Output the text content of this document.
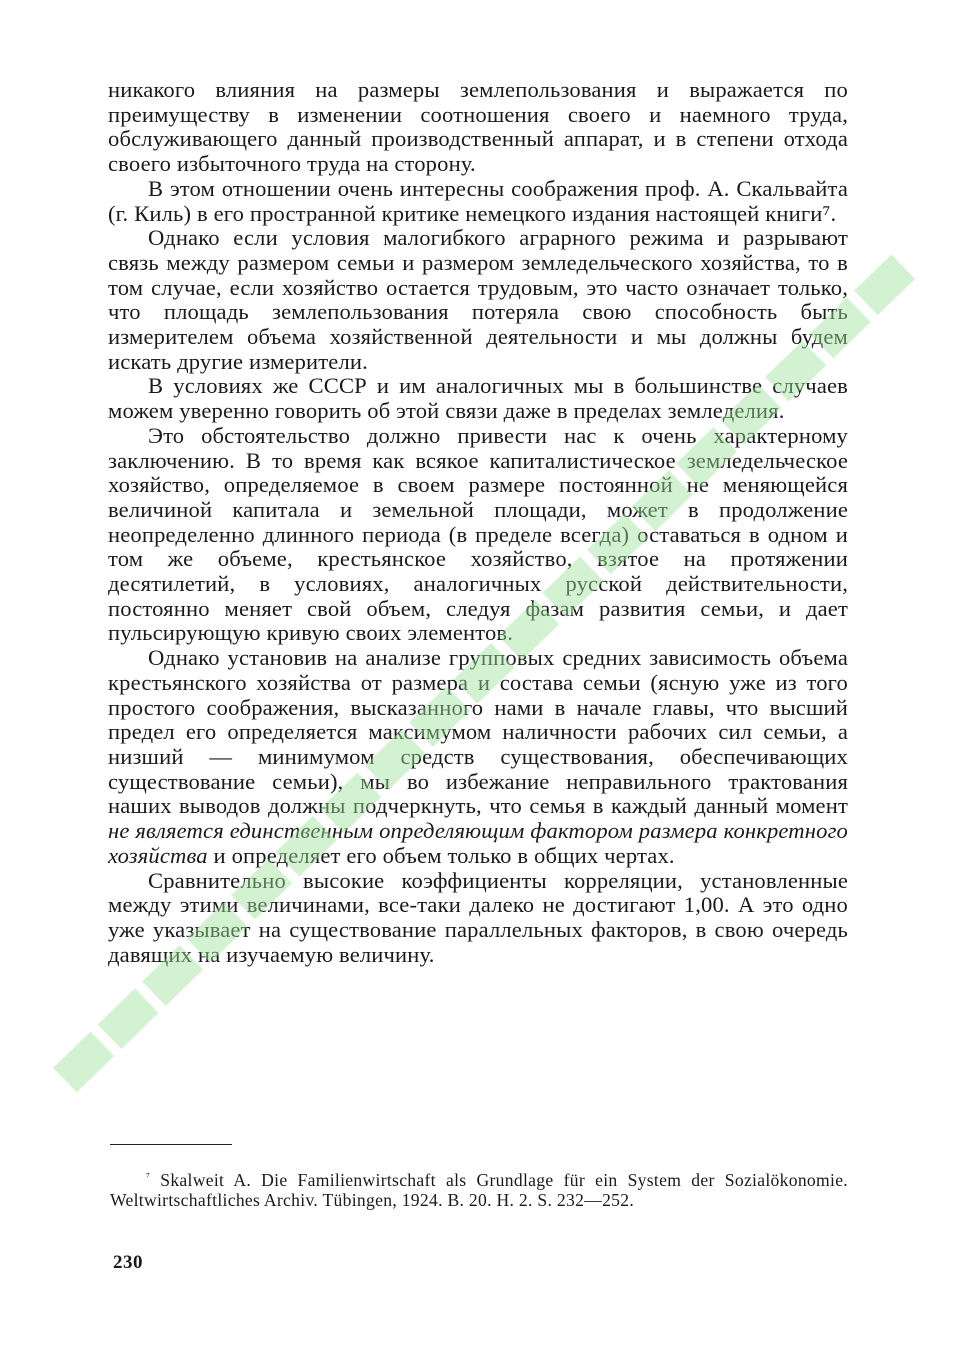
никакого влияния на размеры землепользования и выражается по преимуществу в изменении соотношения своего и наемного труда, обслуживающего данный производственный аппарат, и в степени отхода своего избыточного труда на сторону.

В этом отношении очень интересны соображения проф. А. Скальвайта (г. Киль) в его пространной критике немецкого издания настоящей книги⁷.

Однако если условия малогибкого аграрного режима и разрывают связь между размером семьи и размером земледельческого хозяйства, то в том случае, если хозяйство остается трудовым, это часто означает только, что площадь землепользования потеряла свою способность быть измерителем объема хозяйственной деятельности и мы должны будем искать другие измерители.

В условиях же СССР и им аналогичных мы в большинстве случаев можем уверенно говорить об этой связи даже в пределах земледелия.

Это обстоятельство должно привести нас к очень характерному заключению. В то время как всякое капиталистическое земледельческое хозяйство, определяемое в своем размере постоянной не меняющейся величиной капитала и земельной площади, может в продолжение неопределенно длинного периода (в пределе всегда) оставаться в одном и том же объеме, крестьянское хозяйство, взятое на протяжении десятилетий, в условиях, аналогичных русской действительности, постоянно меняет свой объем, следуя фазам развития семьи, и дает пульсирующую кривую своих элементов.

Однако установив на анализе групповых средних зависимость объема крестьянского хозяйства от размера и состава семьи (ясную уже из того простого соображения, высказанного нами в начале главы, что высший предел его определяется максимумом наличности рабочих сил семьи, а низший — минимумом средств существования, обеспечивающих существование семьи), мы во избежание неправильного трактования наших выводов должны подчеркнуть, что семья в каждый данный момент не является единственным определяющим фактором размера конкретного хозяйства и определяет его объем только в общих чертах.

Сравнительно высокие коэффициенты корреляции, установленные между этими величинами, все-таки далеко не достигают 1,00. А это одно уже указывает на существование параллельных факторов, в свою очередь давящих на изучаемую величину.

$^{^7}$ Skalweit A. Die Familienwirtschaft als Grundlage für ein System der Sozialökonomie. Weltwirtschaftliches Archiv. Tübingen, 1924. B. 20. H. 2. S. 232—252.

230
